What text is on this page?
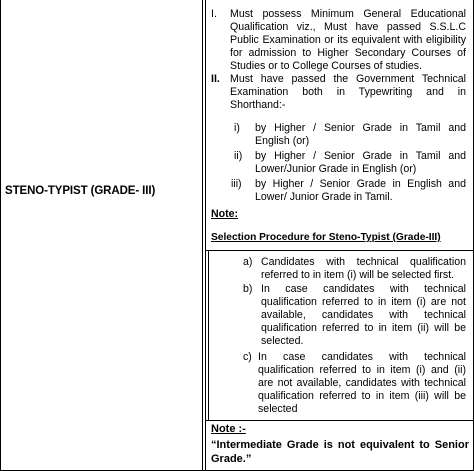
STENO-TYPIST (GRADE- III)
I. Must possess Minimum General Educational
Qualification viz., Must have passed S.S.L.C
Public Examination or its equivalent with eligibility
for admission to Higher Secondary Courses of
Studies or to College Courses of studies.
II. Must have passed the Government Technical
Examination both in Typewriting and in
Shorthand:-
i) by Higher / Senior Grade in Tamil and
English (or)
ii) by Higher / Senior Grade in Tamil and
Lower/Junior Grade in English (or)
iii) by Higher / Senior Grade in English and
Lower/ Junior Grade in Tamil.
Note:
Selection Procedure for Steno-Typist (Grade-III)
a) Candidates with technical qualification
referred to in item (i) will be selected first.
b) In case candidates with technical
qualification referred to in item (i) are not
available, candidates with technical
qualification referred to in item (ii) will be
selected.
c) In case candidates with technical
qualification referred to in item (i) and (ii)
are not available, candidates with technical
qualification referred to in item (iii) will be
selected
Note :-
“Intermediate Grade is not equivalent to Senior
Grade.”
